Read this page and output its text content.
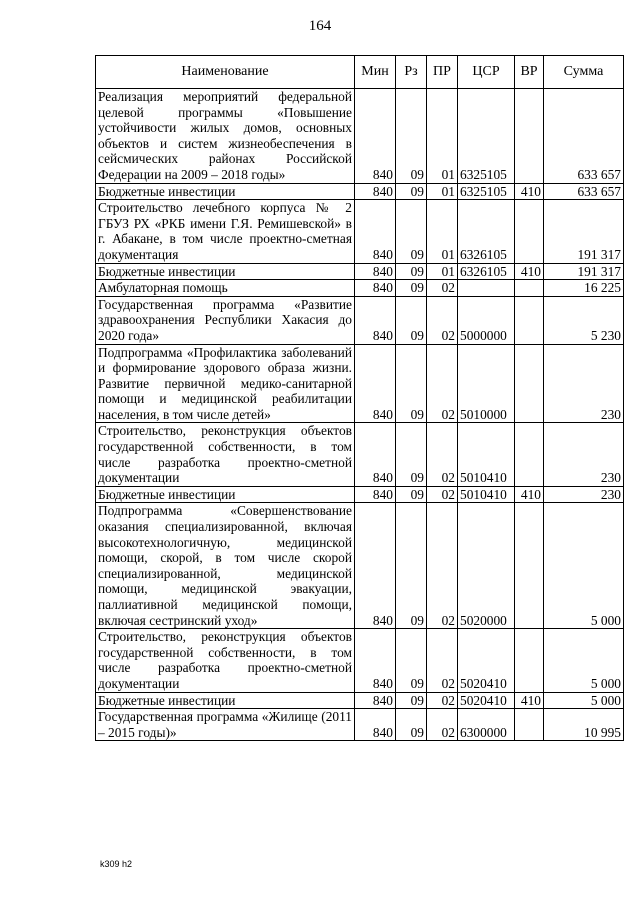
164
Наименование	Мин	Рз	ПР	ЦСР	ВР	Сумма
Реализация мероприятий федеральной целевой программы «Повышение устойчивости жилых домов, основных объектов и систем жизнеобеспечения в сейсмических районах Российской Федерации на 2009 – 2018 годы»	840	09	01	6325105		633 657
Бюджетные инвестиции	840	09	01	6325105	410	633 657
Строительство лечебного корпуса № 2 ГБУЗ РХ «РКБ имени Г.Я. Ремишевской» в г. Абакане, в том числе проектно-сметная документация	840	09	01	6326105		191 317
Бюджетные инвестиции	840	09	01	6326105	410	191 317
Амбулаторная помощь	840	09	02			16 225
Государственная программа «Развитие здравоохранения Республики Хакасия до 2020 года»	840	09	02	5000000		5 230
Подпрограмма «Профилактика заболеваний и формирование здорового образа жизни. Развитие первичной медико-санитарной помощи и медицинской реабилитации населения, в том числе детей»	840	09	02	5010000		230
Строительство, реконструкция объектов государственной собственности, в том числе разработка проектно-сметной документации	840	09	02	5010410		230
Бюджетные инвестиции	840	09	02	5010410	410	230
Подпрограмма «Совершенствование оказания специализированной, включая высокотехнологичную, медицинской помощи, скорой, в том числе скорой специализированной, медицинской помощи, медицинской эвакуации, паллиативной медицинской помощи, включая сестринский уход»	840	09	02	5020000		5 000
Строительство, реконструкция объектов государственной собственности, в том числе разработка проектно-сметной документации	840	09	02	5020410		5 000
Бюджетные инвестиции	840	09	02	5020410	410	5 000
Государственная программа «Жилище (2011 – 2015 годы)»	840	09	02	6300000		10 995
k309 h2
